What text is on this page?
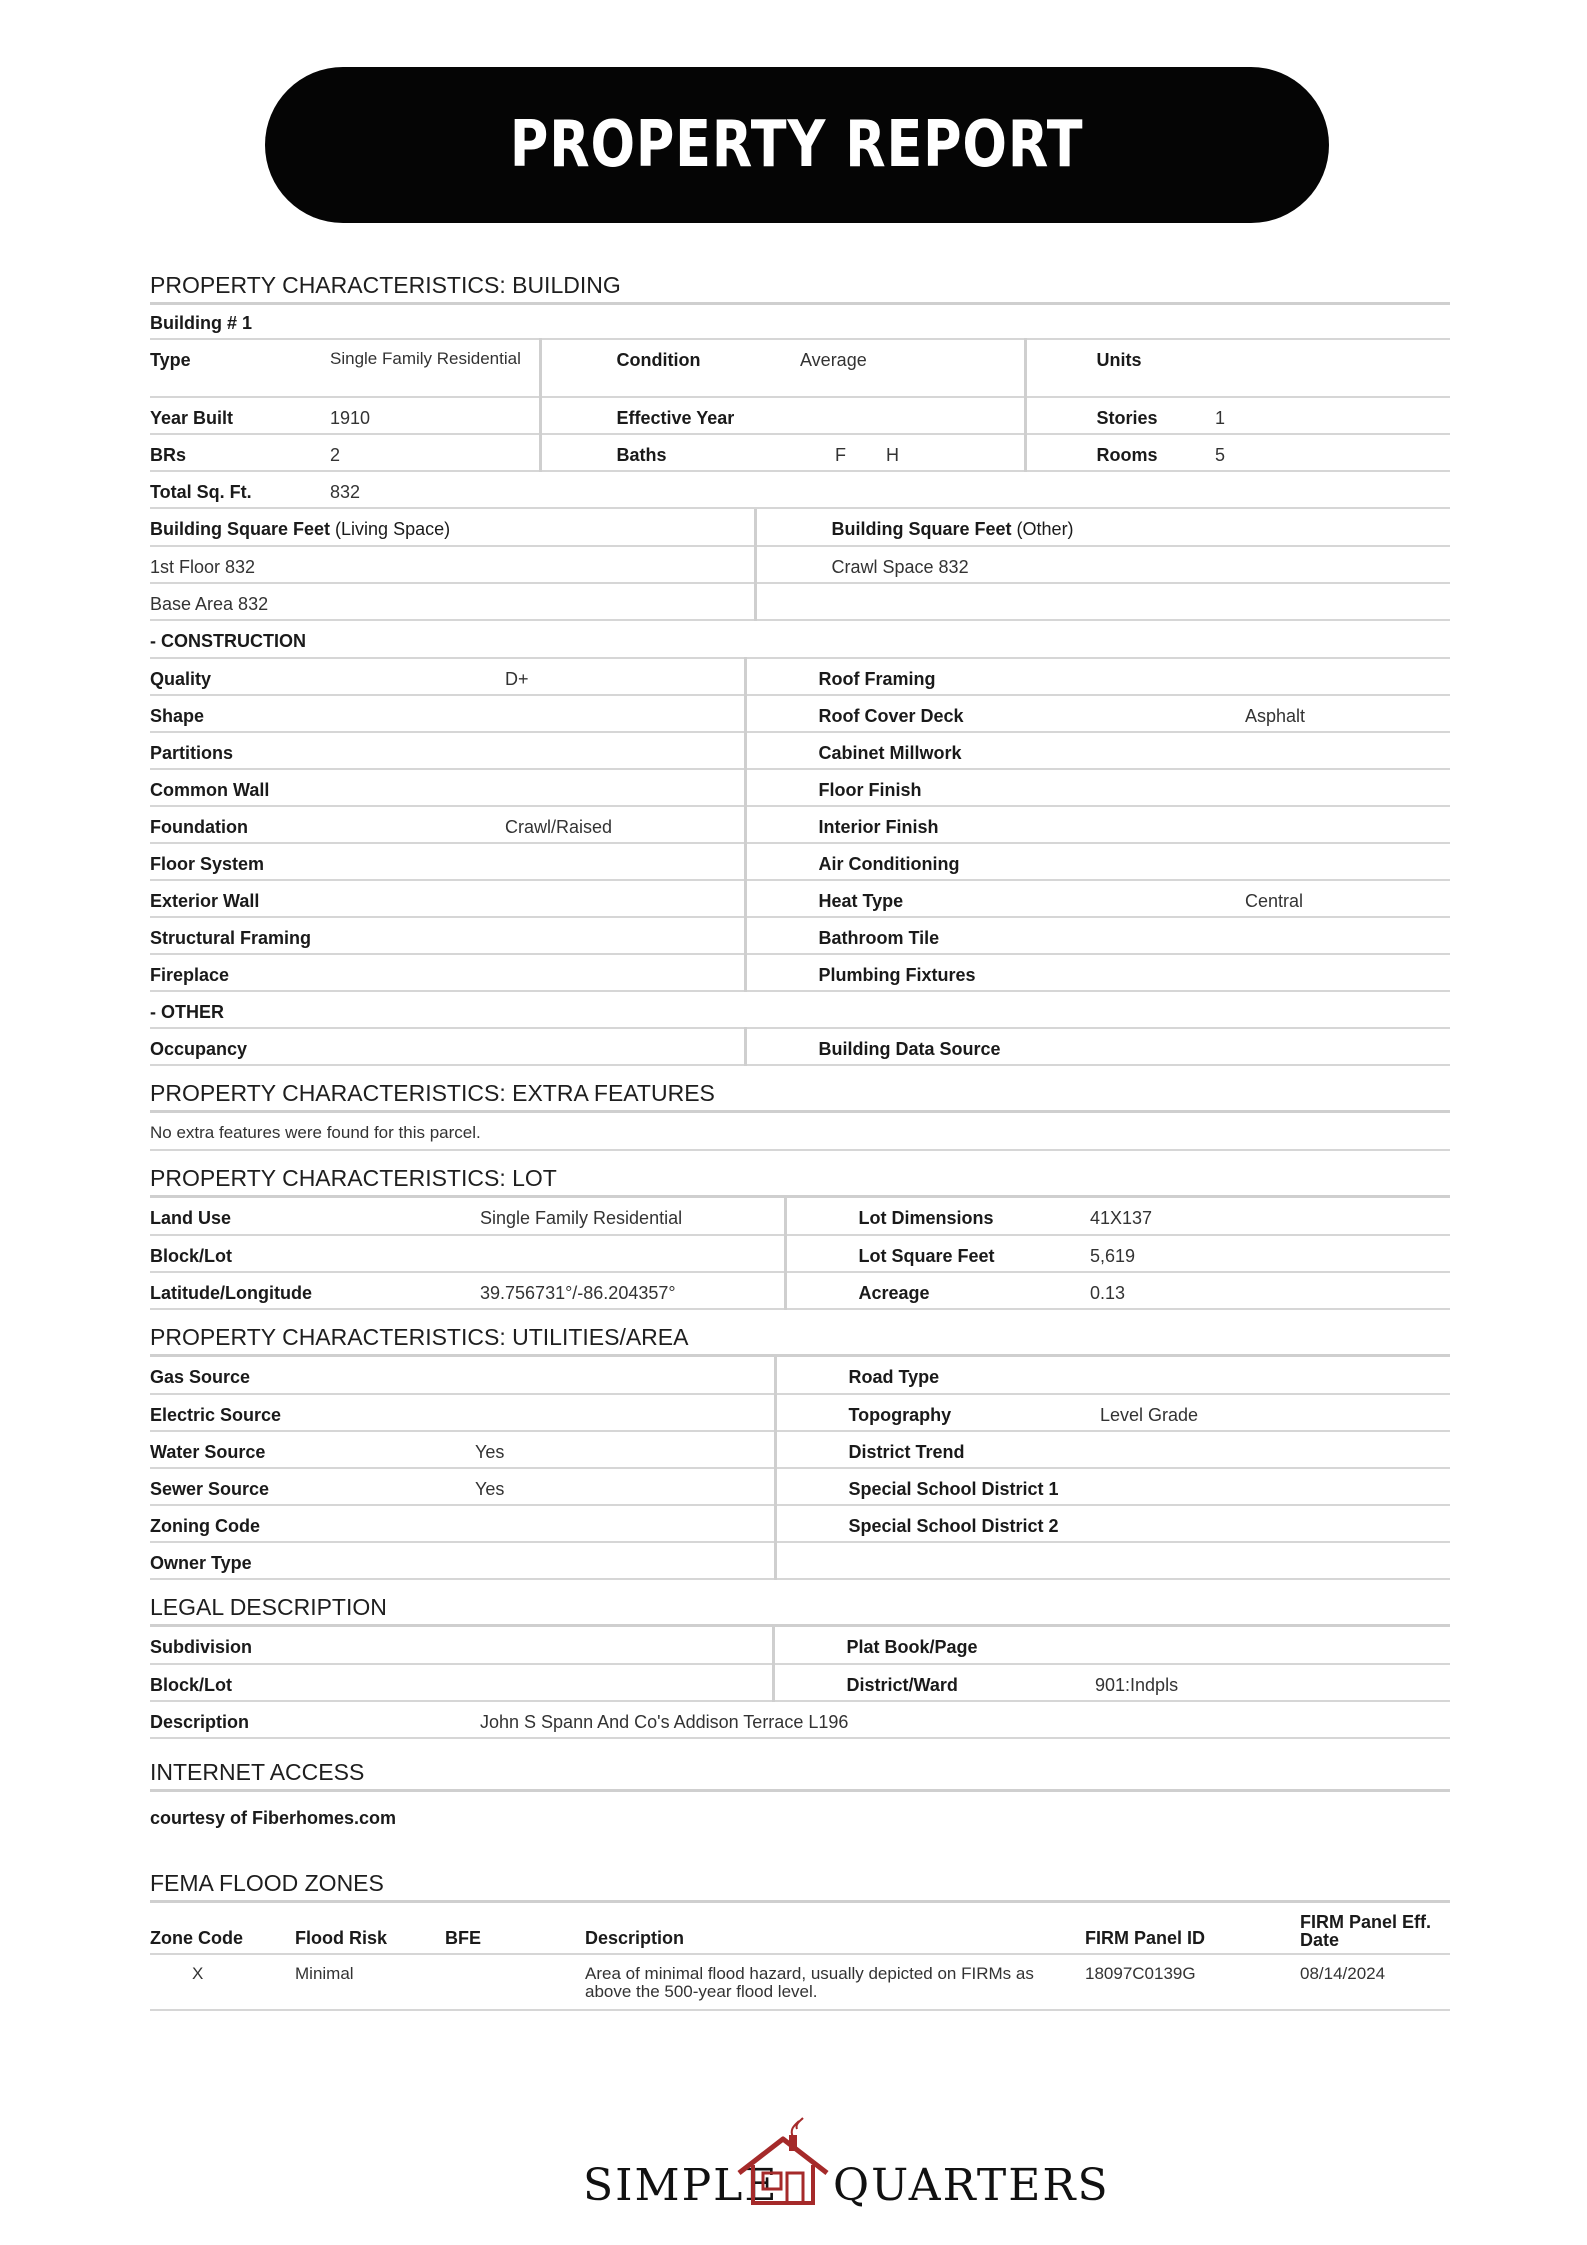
PROPERTY REPORT
PROPERTY CHARACTERISTICS: BUILDING
Building # 1					
Type	Single Family Residential	Condition	Average	Units	
Year Built	1910	Effective Year		Stories	1
BRs	2	Baths	F H	Rooms	5
Total Sq. Ft.	832				
Building Square Feet (Living Space)	Building Square Feet (Other)
1st Floor 832	Crawl Space 832
Base Area 832	
- CONSTRUCTION			
Quality	D+	Roof Framing	
Shape		Roof Cover Deck	Asphalt
Partitions		Cabinet Millwork	
Common Wall		Floor Finish	
Foundation	Crawl/Raised	Interior Finish	
Floor System		Air Conditioning	
Exterior Wall		Heat Type	Central
Structural Framing		Bathroom Tile	
Fireplace		Plumbing Fixtures	
- OTHER			
Occupancy		Building Data Source	
PROPERTY CHARACTERISTICS: EXTRA FEATURES
No extra features were found for this parcel.
PROPERTY CHARACTERISTICS: LOT
Land Use	Single Family Residential	Lot Dimensions	41X137
Block/Lot		Lot Square Feet	5,619
Latitude/Longitude	39.756731°/-86.204357°	Acreage	0.13
PROPERTY CHARACTERISTICS: UTILITIES/AREA
Gas Source		Road Type	
Electric Source		Topography	Level Grade
Water Source	Yes	District Trend	
Sewer Source	Yes	Special School District 1	
Zoning Code		Special School District 2	
Owner Type			
LEGAL DESCRIPTION
Subdivision		Plat Book/Page	
Block/Lot		District/Ward	901:Indpls
Description	John S Spann And Co's Addison Terrace L196		
INTERNET ACCESS
courtesy of Fiberhomes.com
FEMA FLOOD ZONES
Zone Code	Flood Risk	BFE	Description	FIRM Panel ID	FIRM Panel Eff. Date
X	Minimal		Area of minimal flood hazard, usually depicted on FIRMs as above the 500-year flood level.	18097C0139G	08/14/2024
SIMPLE QUARTERS
